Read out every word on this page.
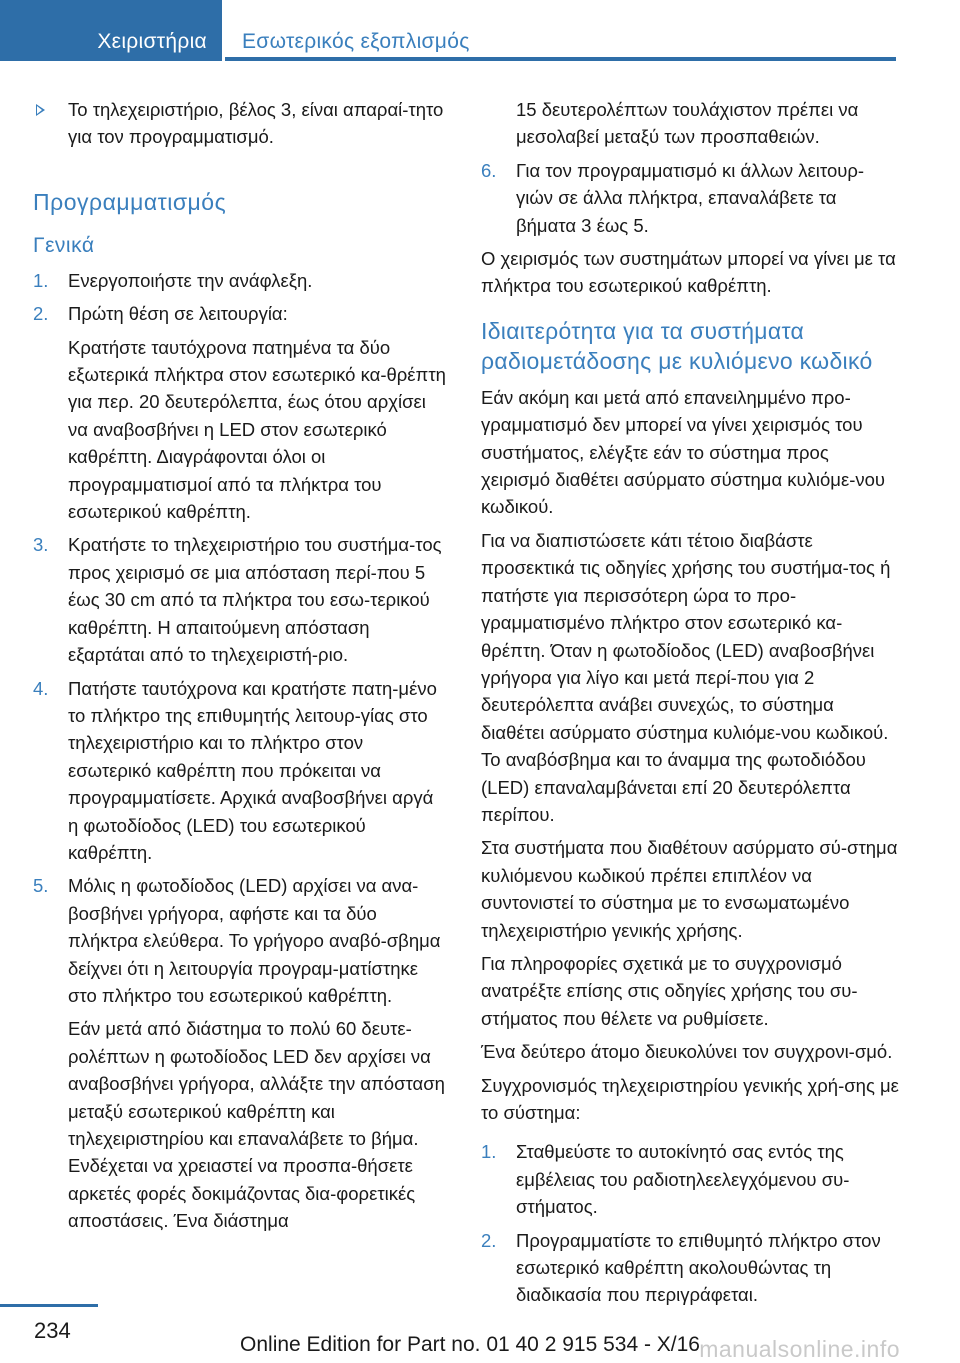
Χειριστήρια Εσωτερικός εξοπλισμός
Το τηλεχειριστήριο, βέλος 3, είναι απαραί‐τητο για τον προγραμματισμό.
Προγραμματισμός
Γενικά
1. Ενεργοποιήστε την ανάφλεξη.
2. Πρώτη θέση σε λειτουργία:

Κρατήστε ταυτόχρονα πατημένα τα δύο εξωτερικά πλήκτρα στον εσωτερικό κα‐θρέπτη για περ. 20 δευτερόλεπτα, έως ότου αρχίσει να αναβοσβήνει η LED στον εσωτερικό καθρέπτη. Διαγράφονται όλοι οι προγραμματισμοί από τα πλήκτρα του εσωτερικού καθρέπτη.

3. Κρατήστε το τηλεχειριστήριο του συστήμα‐τος προς χειρισμό σε μια απόσταση περί‐που 5 έως 30 cm από τα πλήκτρα του εσω‐τερικού καθρέπτη. Η απαιτούμενη απόσταση εξαρτάται από το τηλεχειριστή‐ριο.
4. Πατήστε ταυτόχρονα και κρατήστε πατη‐μένο το πλήκτρο της επιθυμητής λειτουρ‐γίας στο τηλεχειριστήριο και το πλήκτρο στον εσωτερικό καθρέπτη που πρόκειται να προγραμματίσετε. Αρχικά αναβοσβήνει αργά η φωτοδίοδος (LED) του εσωτερικού καθρέπτη.
5. Μόλις η φωτοδίοδος (LED) αρχίσει να ανα‐βοσβήνει γρήγορα, αφήστε και τα δύο πλήκτρα ελεύθερα. Το γρήγορο αναβό‐σβημα δείχνει ότι η λειτουργία προγραμ‐ματίστηκε στο πλήκτρο του εσωτερικού καθρέπτη.

Εάν μετά από διάστημα το πολύ 60 δευτε‐ρολέπτων η φωτοδίοδος LED δεν αρχίσει να αναβοσβήνει γρήγορα, αλλάξτε την απόσταση μεταξύ εσωτερικού καθρέπτη και τηλεχειριστηρίου και επαναλάβετε το βήμα. Ενδέχεται να χρειαστεί να προσπα‐θήσετε αρκετές φορές δοκιμάζοντας δια‐φορετικές αποστάσεις. Ένα διάστημα

15 δευτερολέπτων τουλάχιστον πρέπει να μεσολαβεί μεταξύ των προσπαθειών.

6. Για τον προγραμματισμό κι άλλων λειτουρ‐γιών σε άλλα πλήκτρα, επαναλάβετε τα βήματα 3 έως 5.

Ο χειρισμός των συστημάτων μπορεί να γίνει με τα πλήκτρα του εσωτερικού καθρέπτη.

Ιδιαιτερότητα για τα συστήματα ραδιομετάδοσης με κυλιόμενο κωδικό

Εάν ακόμη και μετά από επανειλημμένο προ‐γραμματισμό δεν μπορεί να γίνει χειρισμός του συστήματος, ελέγξτε εάν το σύστημα προς χειρισμό διαθέτει ασύρματο σύστημα κυλιόμε‐νου κωδικού.

Για να διαπιστώσετε κάτι τέτοιο διαβάστε προσεκτικά τις οδηγίες χρήσης του συστήμα‐τος ή πατήστε για περισσότερη ώρα το προ‐γραμματισμένο πλήκτρο στον εσωτερικό κα‐θρέπτη. Όταν η φωτοδίοδος (LED) αναβοσβήνει γρήγορα για λίγο και μετά περί‐που για 2 δευτερόλεπτα ανάβει συνεχώς, το σύστημα διαθέτει ασύρματο σύστημα κυλιόμε‐νου κωδικού. Το αναβόσβημα και το άναμμα της φωτοδιόδου (LED) επαναλαμβάνεται επί 20 δευτερόλεπτα περίπου.

Στα συστήματα που διαθέτουν ασύρματο σύ‐στημα κυλιόμενου κωδικού πρέπει επιπλέον να συντονιστεί το σύστημα με το ενσωματωμένο τηλεχειριστήριο γενικής χρήσης.

Για πληροφορίες σχετικά με το συγχρονισμό ανατρέξτε επίσης στις οδηγίες χρήσης του συ‐στήματος που θέλετε να ρυθμίσετε.

Ένα δεύτερο άτομο διευκολύνει τον συγχρονι‐σμό.

Συγχρονισμός τηλεχειριστηρίου γενικής χρή‐σης με το σύστημα:

1. Σταθμεύστε το αυτοκίνητό σας εντός της εμβέλειας του ραδιοτηλεελεγχόμενου συ‐στήματος.
2. Προγραμματίστε το επιθυμητό πλήκτρο στον εσωτερικό καθρέπτη ακολουθώντας τη διαδικασία που περιγράφεται.
234
manualsonline.info
Online Edition for Part no. 01 40 2 915 534 - X/16
